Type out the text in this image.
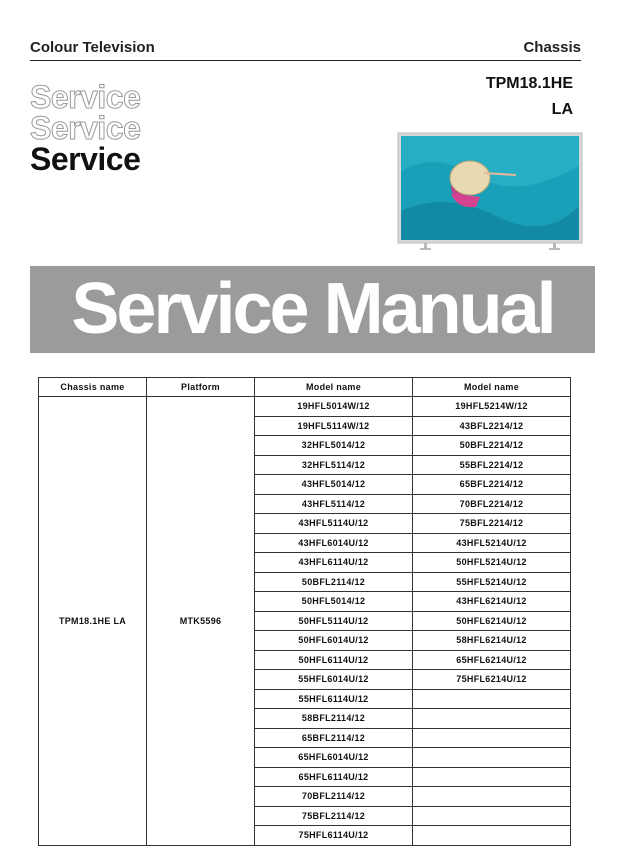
Colour Television	Chassis
TPM18.1HE
LA
Service
Service
Service
Service Manual
Chassis name	Platform	Model name	Model name
TPM18.1HE LA	MTK5596	19HFL5014W/12	19HFL5214W/12
		19HFL5114W/12	43BFL2214/12
		32HFL5014/12	50BFL2214/12
		32HFL5114/12	55BFL2214/12
		43HFL5014/12	65BFL2214/12
		43HFL5114/12	70BFL2214/12
		43HFL5114U/12	75BFL2214/12
		43HFL6014U/12	43HFL5214U/12
		43HFL6114U/12	50HFL5214U/12
		50BFL2114/12	55HFL5214U/12
		50HFL5014/12	43HFL6214U/12
		50HFL5114U/12	50HFL6214U/12
		50HFL6014U/12	58HFL6214U/12
		50HFL6114U/12	65HFL6214U/12
		55HFL6014U/12	75HFL6214U/12
		55HFL6114U/12	
		58BFL2114/12	
		65BFL2114/12	
		65HFL6014U/12	
		65HFL6114U/12	
		70BFL2114/12	
		75BFL2114/12	
		75HFL6114U/12	
